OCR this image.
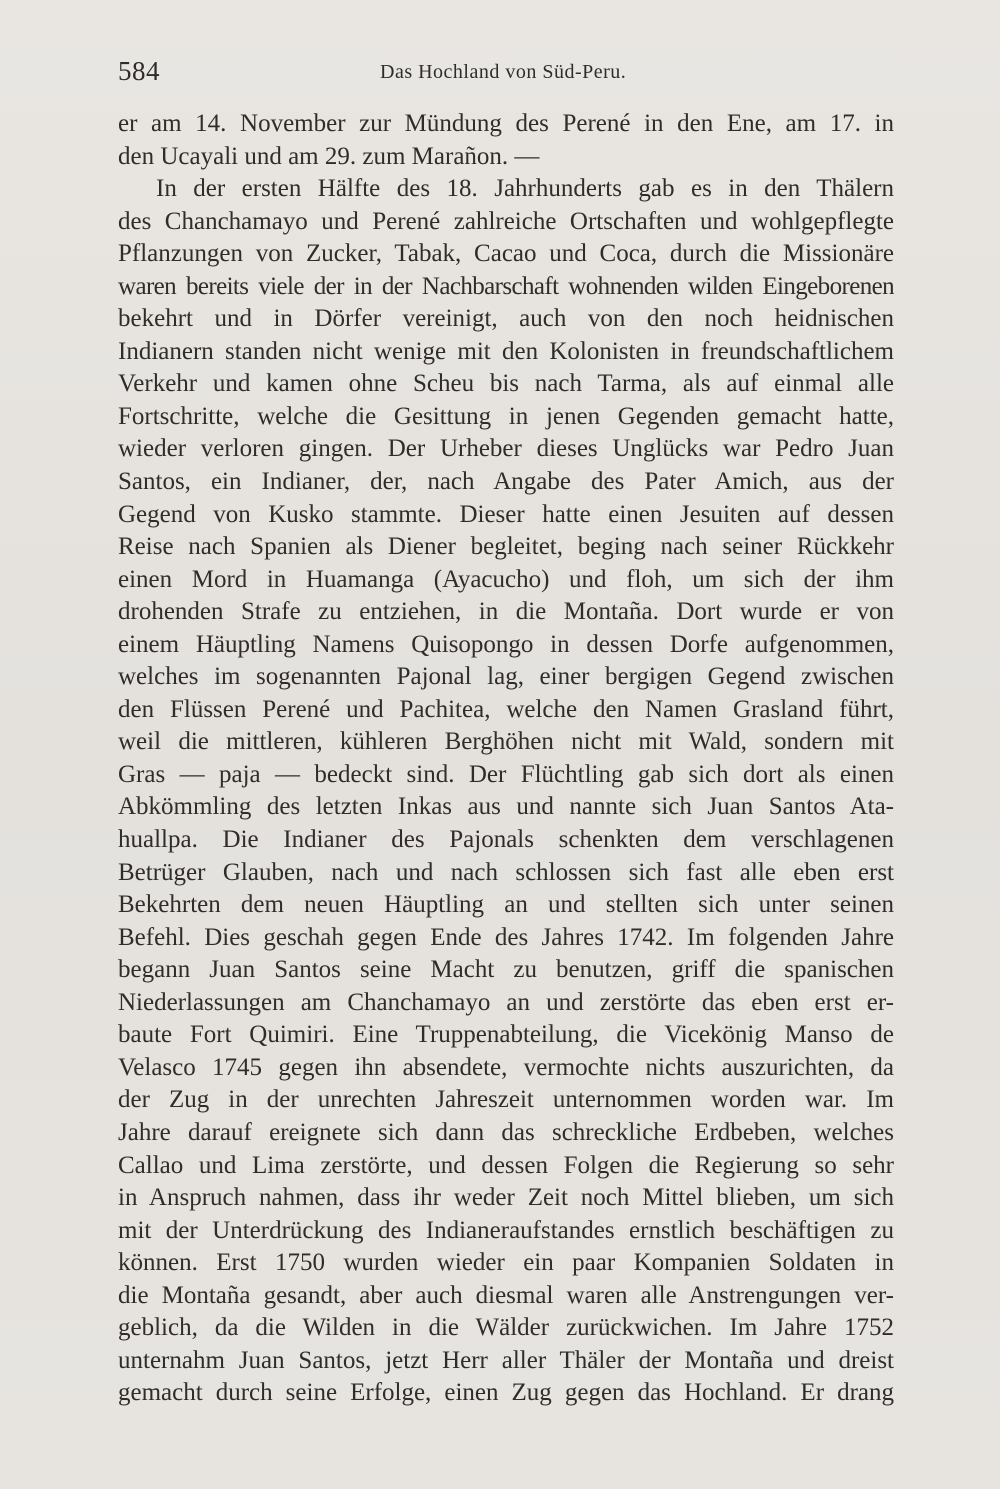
584	Das Hochland von Süd-Peru.
er am 14. November zur Mündung des Perené in den Ene, am 17. in
den Ucayali und am 29. zum Marañon. —
In der ersten Hälfte des 18. Jahrhunderts gab es in den Thälern
des Chanchamayo und Perené zahlreiche Ortschaften und wohlgepflegte
Pflanzungen von Zucker, Tabak, Cacao und Coca, durch die Missionäre
waren bereits viele der in der Nachbarschaft wohnenden wilden Eingeborenen
bekehrt und in Dörfer vereinigt, auch von den noch heidnischen
Indianern standen nicht wenige mit den Kolonisten in freundschaftlichem
Verkehr und kamen ohne Scheu bis nach Tarma, als auf einmal alle
Fortschritte, welche die Gesittung in jenen Gegenden gemacht hatte,
wieder verloren gingen. Der Urheber dieses Unglücks war Pedro Juan
Santos, ein Indianer, der, nach Angabe des Pater Amich, aus der
Gegend von Kusko stammte. Dieser hatte einen Jesuiten auf dessen
Reise nach Spanien als Diener begleitet, beging nach seiner Rückkehr
einen Mord in Huamanga (Ayacucho) und floh, um sich der ihm
drohenden Strafe zu entziehen, in die Montaña. Dort wurde er von
einem Häuptling Namens Quisopongo in dessen Dorfe aufgenommen,
welches im sogenannten Pajonal lag, einer bergigen Gegend zwischen
den Flüssen Perené und Pachitea, welche den Namen Grasland führt,
weil die mittleren, kühleren Berghöhen nicht mit Wald, sondern mit
Gras — paja — bedeckt sind. Der Flüchtling gab sich dort als einen
Abkömmling des letzten Inkas aus und nannte sich Juan Santos Ata-
huallpa. Die Indianer des Pajonals schenkten dem verschlagenen
Betrüger Glauben, nach und nach schlossen sich fast alle eben erst
Bekehrten dem neuen Häuptling an und stellten sich unter seinen
Befehl. Dies geschah gegen Ende des Jahres 1742. Im folgenden Jahre
begann Juan Santos seine Macht zu benutzen, griff die spanischen
Niederlassungen am Chanchamayo an und zerstörte das eben erst er-
baute Fort Quimiri. Eine Truppenabteilung, die Vicekönig Manso de
Velasco 1745 gegen ihn absendete, vermochte nichts auszurichten, da
der Zug in der unrechten Jahreszeit unternommen worden war. Im
Jahre darauf ereignete sich dann das schreckliche Erdbeben, welches
Callao und Lima zerstörte, und dessen Folgen die Regierung so sehr
in Anspruch nahmen, dass ihr weder Zeit noch Mittel blieben, um sich
mit der Unterdrückung des Indianeraufstandes ernstlich beschäftigen zu
können. Erst 1750 wurden wieder ein paar Kompanien Soldaten in
die Montaña gesandt, aber auch diesmal waren alle Anstrengungen ver-
geblich, da die Wilden in die Wälder zurückwichen. Im Jahre 1752
unternahm Juan Santos, jetzt Herr aller Thäler der Montaña und dreist
gemacht durch seine Erfolge, einen Zug gegen das Hochland. Er drang
